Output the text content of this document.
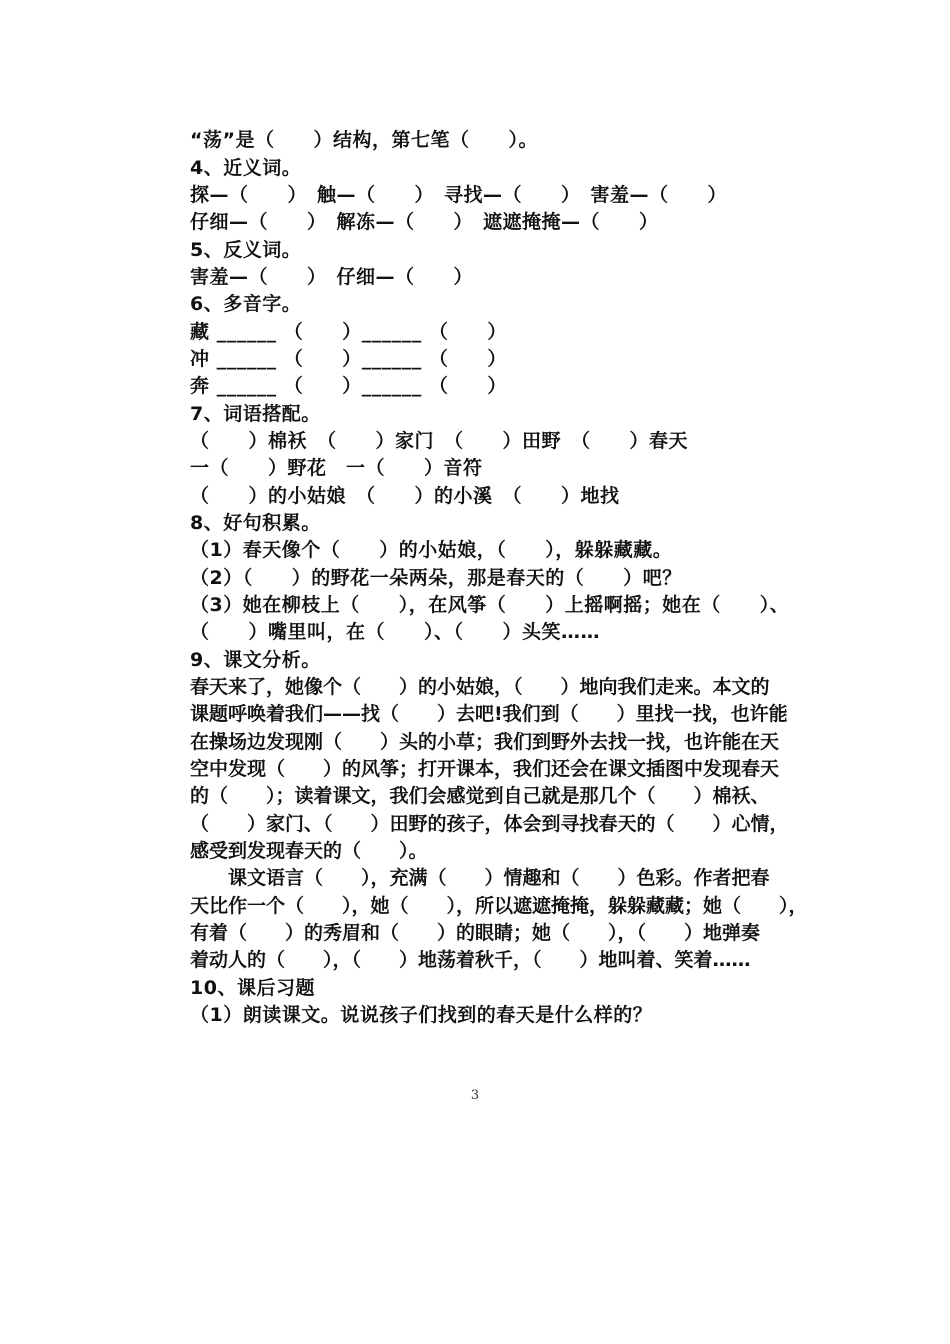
“荡”是（　　）结构，第七笔（　　）。
4、近义词。
探—（　　）　触—（　　）　寻找—（　　）　害羞—（　　）
仔细—（　　）　解冻—（　　）　遮遮掩掩—（　　）
5、反义词。
害羞—（　　）　仔细—（　　）
6、多音字。
藏 ______ （　　）______ （　　）
冲 ______ （　　）______ （　　）
奔 ______ （　　）______ （　　）
7、词语搭配。
（　　）棉袄　（　　）家门　（　　）田野　（　　）春天
一（　　）野花　一（　　）音符
（　　）的小姑娘　（　　）的小溪　（　　）地找
8、好句积累。
（1）春天像个（　　）的小姑娘，（　　），躲躲藏藏。
（2）（　　）的野花一朵两朵，那是春天的（　　）吧？
（3）她在柳枝上（　　），在风筝（　　）上摇啊摇；她在（　　）、
（　　）嘴里叫，在（　　）、（　　）头笑……
9、课文分析。
春天来了，她像个（　　）的小姑娘，（　　）地向我们走来。本文的
课题呼唤着我们——找（　　）去吧!我们到（　　）里找一找，也许能
在操场边发现刚（　　）头的小草；我们到野外去找一找，也许能在天
空中发现（　　）的风筝；打开课本，我们还会在课文插图中发现春天
的（　　）；读着课文，我们会感觉到自己就是那几个（　　）棉袄、
（　　）家门、（　　）田野的孩子，体会到寻找春天的（　　）心情，
感受到发现春天的（　　）。
　　课文语言（　　），充满（　　）情趣和（　　）色彩。作者把春
天比作一个（　　），她（　　），所以遮遮掩掩，躲躲藏藏；她（　　），
有着（　　）的秀眉和（　　）的眼睛；她（　　），（　　）地弹奏
着动人的（　　），（　　）地荡着秋千，（　　）地叫着、笑着……
10、课后习题
（1）朗读课文。说说孩子们找到的春天是什么样的？
3
